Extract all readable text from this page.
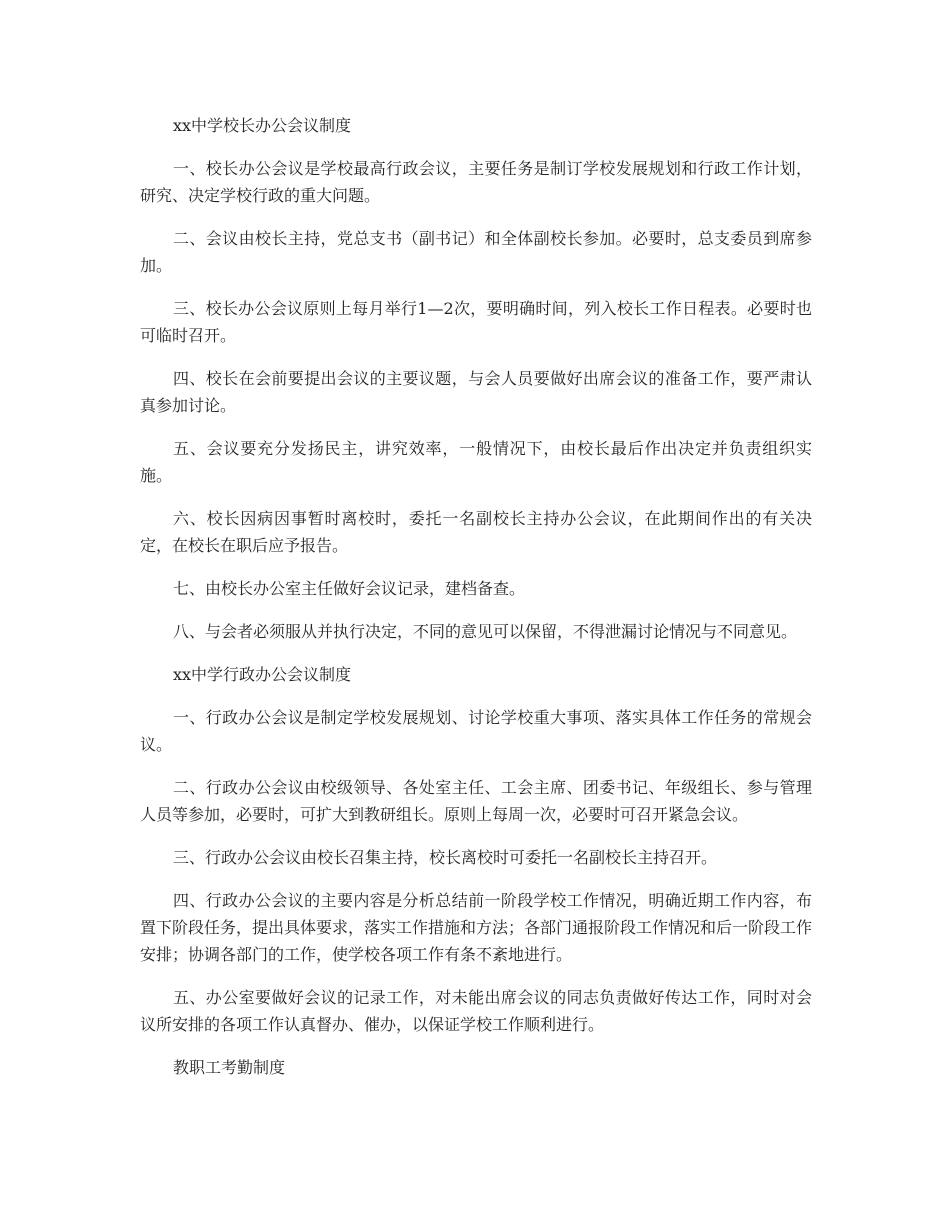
xx中学校长办公会议制度

一、校长办公会议是学校最高行政会议，主要任务是制订学校发展规划和行政工作计划，研究、决定学校行政的重大问题。

二、会议由校长主持，党总支书（副书记）和全体副校长参加。必要时，总支委员到席参加。

三、校长办公会议原则上每月举行1—2次，要明确时间，列入校长工作日程表。必要时也可临时召开。

四、校长在会前要提出会议的主要议题，与会人员要做好出席会议的准备工作，要严肃认真参加讨论。

五、会议要充分发扬民主，讲究效率，一般情况下，由校长最后作出决定并负责组织实施。

六、校长因病因事暂时离校时，委托一名副校长主持办公会议，在此期间作出的有关决定，在校长在职后应予报告。

七、由校长办公室主任做好会议记录，建档备查。

八、与会者必须服从并执行决定，不同的意见可以保留，不得泄漏讨论情况与不同意见。

xx中学行政办公会议制度

一、行政办公会议是制定学校发展规划、讨论学校重大事项、落实具体工作任务的常规会议。

二、行政办公会议由校级领导、各处室主任、工会主席、团委书记、年级组长、参与管理人员等参加，必要时，可扩大到教研组长。原则上每周一次，必要时可召开紧急会议。

三、行政办公会议由校长召集主持，校长离校时可委托一名副校长主持召开。

四、行政办公会议的主要内容是分析总结前一阶段学校工作情况，明确近期工作内容，布置下阶段任务，提出具体要求，落实工作措施和方法；各部门通报阶段工作情况和后一阶段工作安排；协调各部门的工作，使学校各项工作有条不紊地进行。

五、办公室要做好会议的记录工作，对未能出席会议的同志负责做好传达工作，同时对会议所安排的各项工作认真督办、催办，以保证学校工作顺利进行。

教职工考勤制度
